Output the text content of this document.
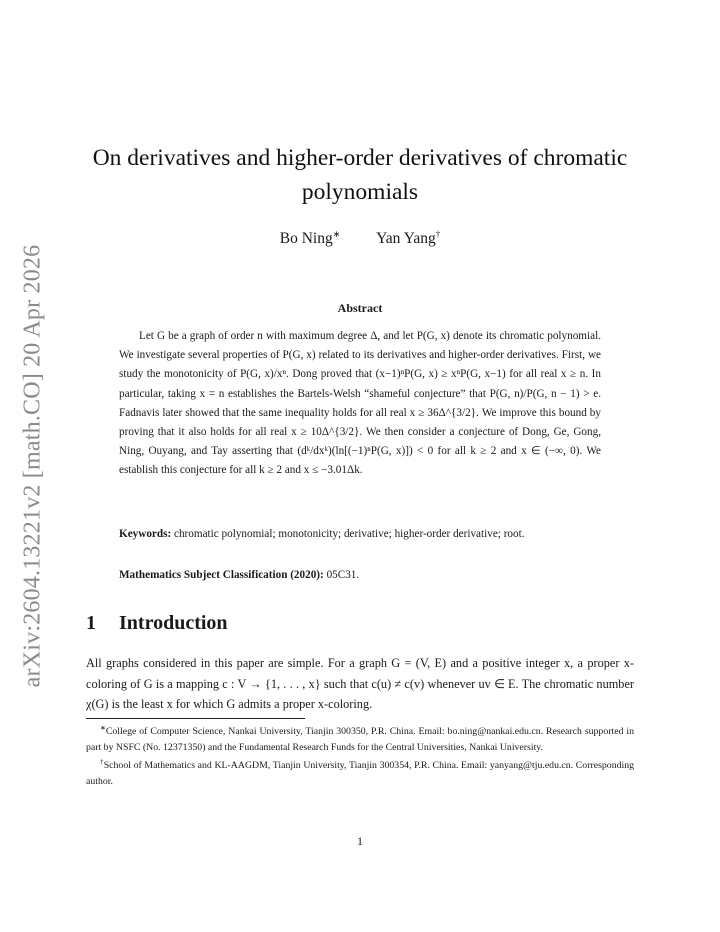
arXiv:2604.13221v2 [math.CO] 20 Apr 2026
On derivatives and higher-order derivatives of chromatic polynomials
Bo Ning∗ Yan Yang†
Abstract

Let G be a graph of order n with maximum degree Δ, and let P(G, x) denote its chromatic polynomial. We investigate several properties of P(G, x) related to its derivatives and higher-order derivatives. First, we study the monotonicity of P(G, x)/xⁿ. Dong proved that (x−1)ⁿP(G, x) ≥ xⁿP(G, x−1) for all real x ≥ n. In particular, taking x = n establishes the Bartels-Welsh “shameful conjecture” that P(G, n)/P(G, n − 1) > e. Fadnavis later showed that the same inequality holds for all real x ≥ 36Δ^{3/2}. We improve this bound by proving that it also holds for all real x ≥ 10Δ^{3/2}. We then consider a conjecture of Dong, Ge, Gong, Ning, Ouyang, and Tay asserting that (dᵏ/dxᵏ)(ln[(−1)ⁿP(G, x)]) < 0 for all k ≥ 2 and x ∈ (−∞, 0). We establish this conjecture for all k ≥ 2 and x ≤ −3.01Δk.

Keywords: chromatic polynomial; monotonicity; derivative; higher-order derivative; root.
Mathematics Subject Classification (2020): 05C31.
1 Introduction

All graphs considered in this paper are simple. For a graph G = (V, E) and a positive integer x, a proper x-coloring of G is a mapping c : V → {1, . . . , x} such that c(u) ≠ c(v) whenever uv ∈ E. The chromatic number χ(G) is the least x for which G admits a proper x-coloring.

∗College of Computer Science, Nankai University, Tianjin 300350, P.R. China. Email: bo.ning@nankai.edu.cn. Research supported in part by NSFC (No. 12371350) and the Fundamental Research Funds for the Central Universities, Nankai University.

†School of Mathematics and KL-AAGDM, Tianjin University, Tianjin 300354, P.R. China. Email: yanyang@tju.edu.cn. Corresponding author.

1
